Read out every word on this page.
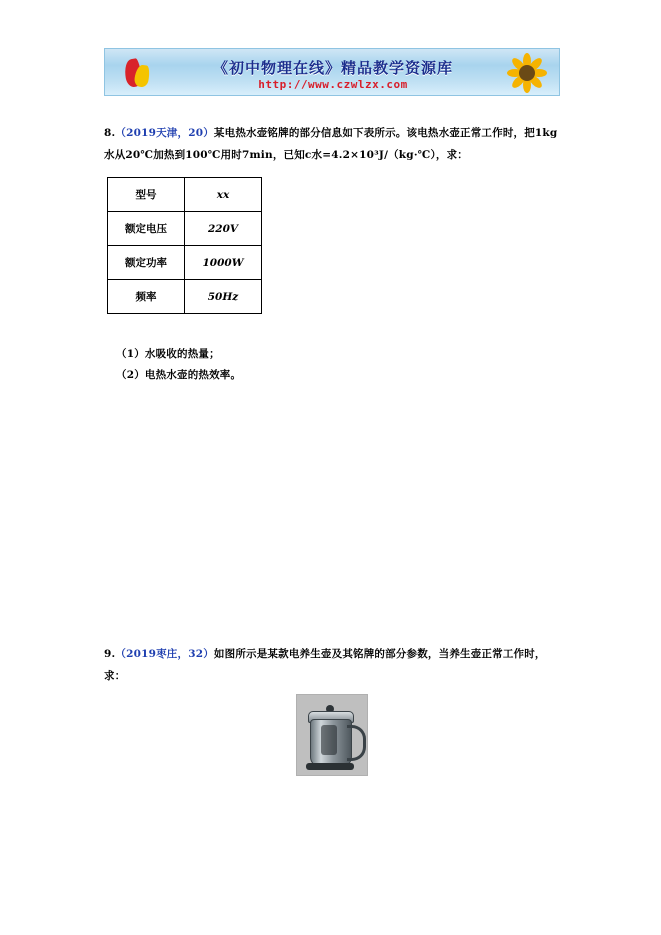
《初中物理在线》精品教学资源库
http://www.czwlzx.com
8.（2019天津，20）某电热水壶铭牌的部分信息如下表所示。该电热水壶正常工作时，把1kg
水从20℃加热到100℃用时7min，已知c水=4.2×10³J/（kg·℃），求：
型号	xx
额定电压	220V
额定功率	1000W
频率	50Hz
（1）水吸收的热量；
（2）电热水壶的热效率。
9.（2019枣庄，32）如图所示是某款电养生壶及其铭牌的部分参数，当养生壶正常工作时，
求：
